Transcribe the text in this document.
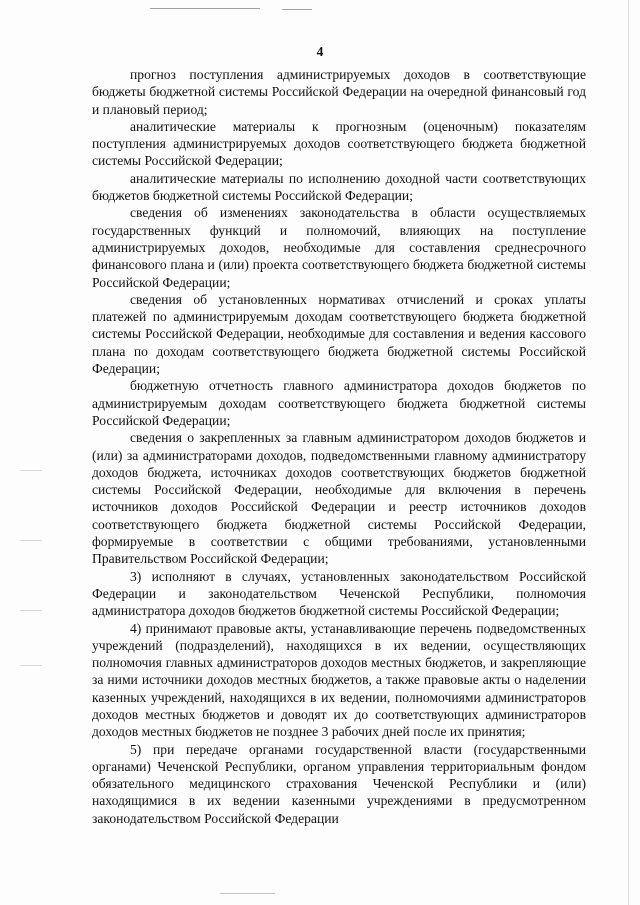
4

прогноз поступления администрируемых доходов в соответствующие бюджеты бюджетной системы Российской Федерации на очередной финансовый год и плановый период;

аналитические материалы к прогнозным (оценочным) показателям поступления администрируемых доходов соответствующего бюджета бюджетной системы Российской Федерации;

аналитические материалы по исполнению доходной части соответствующих бюджетов бюджетной системы Российской Федерации;

сведения об изменениях законодательства в области осуществляемых государственных функций и полномочий, влияющих на поступление администрируемых доходов, необходимые для составления среднесрочного финансового плана и (или) проекта соответствующего бюджета бюджетной системы Российской Федерации;

сведения об установленных нормативах отчислений и сроках уплаты платежей по администрируемым доходам соответствующего бюджета бюджетной системы Российской Федерации, необходимые для составления и ведения кассового плана по доходам соответствующего бюджета бюджетной системы Российской Федерации;

бюджетную отчетность главного администратора доходов бюджетов по администрируемым доходам соответствующего бюджета бюджетной системы Российской Федерации;

сведения о закрепленных за главным администратором доходов бюджетов и (или) за администраторами доходов, подведомственными главному администратору доходов бюджета, источниках доходов соответствующих бюджетов бюджетной системы Российской Федерации, необходимые для включения в перечень источников доходов Российской Федерации и реестр источников доходов соответствующего бюджета бюджетной системы Российской Федерации, формируемые в соответствии с общими требованиями, установленными Правительством Российской Федерации;

3) исполняют в случаях, установленных законодательством Российской Федерации и законодательством Чеченской Республики, полномочия администратора доходов бюджетов бюджетной системы Российской Федерации;

4) принимают правовые акты, устанавливающие перечень подведомственных учреждений (подразделений), находящихся в их ведении, осуществляющих полномочия главных администраторов доходов местных бюджетов, и закрепляющие за ними источники доходов местных бюджетов, а также правовые акты о наделении казенных учреждений, находящихся в их ведении, полномочиями администраторов доходов местных бюджетов и доводят их до соответствующих администраторов доходов местных бюджетов не позднее 3 рабочих дней после их принятия;

5) при передаче органами государственной власти (государственными органами) Чеченской Республики, органом управления территориальным фондом обязательного медицинского страхования Чеченской Республики и (или) находящимися в их ведении казенными учреждениями в предусмотренном законодательством Российской Федерации
